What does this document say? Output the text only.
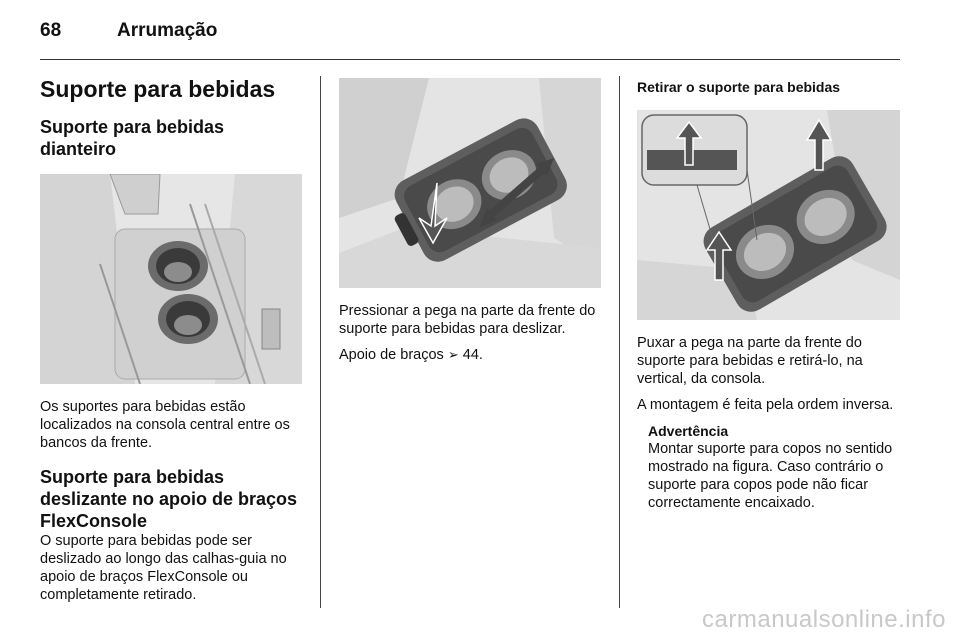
68	Arrumação
Suporte para bebidas
Suporte para bebidas dianteiro
Os suportes para bebidas estão localizados na consola central entre os bancos da frente.
Suporte para bebidas deslizante no apoio de braços FlexConsole
O suporte para bebidas pode ser deslizado ao longo das calhas-guia no apoio de braços FlexConsole ou completamente retirado.
Pressionar a pega na parte da frente do suporte para bebidas para deslizar.
Apoio de braços ➢ 44.
Retirar o suporte para bebidas
Puxar a pega na parte da frente do suporte para bebidas e retirá-lo, na vertical, da consola.
A montagem é feita pela ordem inversa.
Advertência
Montar suporte para copos no sentido mostrado na figura. Caso contrário o suporte para copos pode não ficar correctamente encaixado.
carmanualsonline.info
